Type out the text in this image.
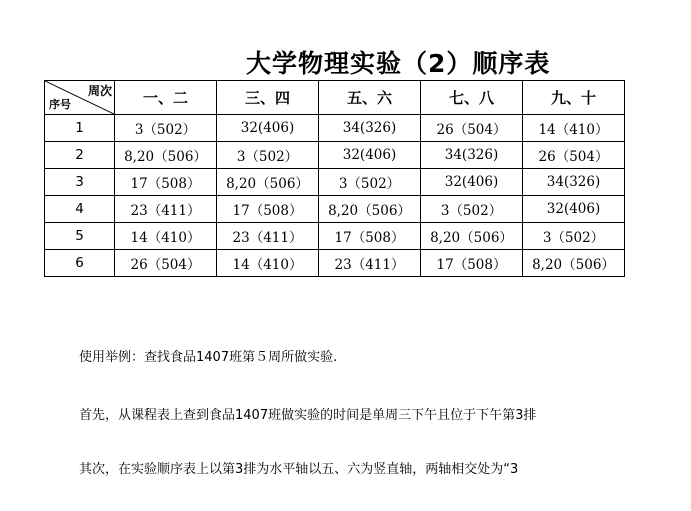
大学物理实验（2）顺序表
周次
序号	一、二	三、四	五、六	七、八	九、十
1	3（502）	32(406)	34(326)	26（504）	14（410）
2	8,20（506）	3（502）	32(406)	34(326)	26（504）
3	17（508）	8,20（506）	3（502）	32(406)	34(326)
4	23（411）	17（508）	8,20（506）	3（502）	32(406)
5	14（410）	23（411）	17（508）	8,20（506）	3（502）
6	26（504）	14（410）	23（411）	17（508）	8,20（506）
使用举例：查找食品1407班第５周所做实验.
首先，从课程表上查到食品1407班做实验的时间是单周三下午且位于下午第3排
其次，在实验顺序表上以第3排为水平轴以五、六为竖直轴，两轴相交处为“3
